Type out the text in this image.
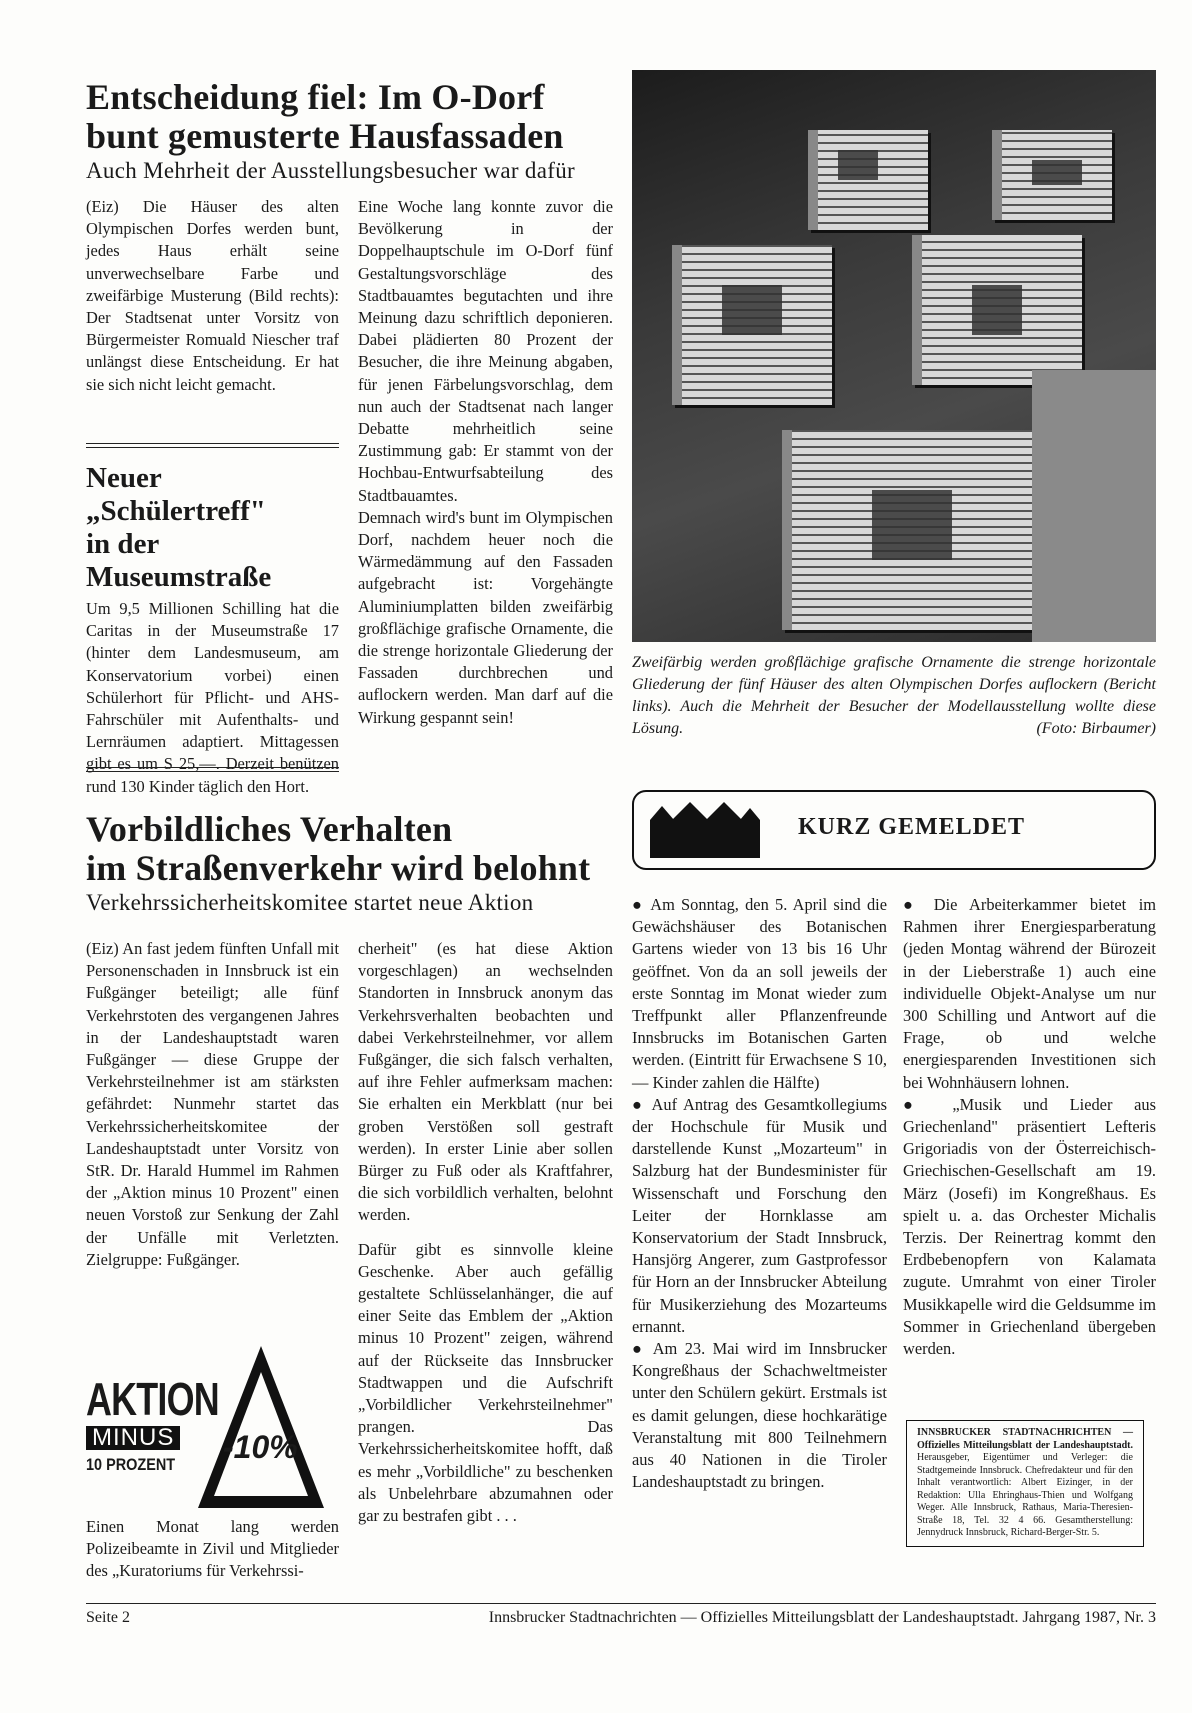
Entscheidung fiel: Im O-Dorf
bunt gemusterte Hausfassaden

Auch Mehrheit der Ausstellungsbesucher war dafür

(Eiz) Die Häuser des alten Olympischen Dorfes werden bunt, jedes Haus erhält seine unverwechselbare Farbe und zweifärbige Musterung (Bild rechts): Der Stadtsenat unter Vorsitz von Bürgermeister Romuald Niescher traf unlängst diese Entscheidung. Er hat sie sich nicht leicht gemacht.

Eine Woche lang konnte zuvor die Bevölkerung in der Doppelhauptschule im O-Dorf fünf Gestaltungsvorschläge des Stadtbauamtes begutachten und ihre Meinung dazu schriftlich deponieren. Dabei plädierten 80 Prozent der Besucher, die ihre Meinung abgaben, für jenen Färbelungsvorschlag, dem nun auch der Stadtsenat nach langer Debatte mehrheitlich seine Zustimmung gab: Er stammt von der Hochbau-Entwurfsabteilung des Stadtbauamtes.

Demnach wird's bunt im Olympischen Dorf, nachdem heuer noch die Wärmedämmung auf den Fassaden aufgebracht ist: Vorgehängte Aluminiumplatten bilden zweifärbig großflächige grafische Ornamente, die die strenge horizontale Gliederung der Fassaden durchbrechen und auflockern werden. Man darf auf die Wirkung gespannt sein!

Neuer „Schülertreff"
in der Museumstraße

Um 9,5 Millionen Schilling hat die Caritas in der Museumstraße 17 (hinter dem Landesmuseum, am Konservatorium vorbei) einen Schülerhort für Pflicht- und AHS-Fahrschüler mit Aufenthalts- und Lernräumen adaptiert. Mittagessen gibt es um S 25,—. Derzeit benützen rund 130 Kinder täglich den Hort.

Zweifärbig werden großflächige grafische Ornamente die strenge horizontale Gliederung der fünf Häuser des alten Olympischen Dorfes auflockern (Bericht links). Auch die Mehrheit der Besucher der Modellausstellung wollte diese Lösung.	(Foto: Birbaumer)

Vorbildliches Verhalten
im Straßenverkehr wird belohnt

Verkehrssicherheitskomitee startet neue Aktion

(Eiz) An fast jedem fünften Unfall mit Personenschaden in Innsbruck ist ein Fußgänger beteiligt; alle fünf Verkehrstoten des vergangenen Jahres in der Landeshauptstadt waren Fußgänger — diese Gruppe der Verkehrsteilnehmer ist am stärksten gefährdet: Nunmehr startet das Verkehrssicherheitskomitee der Landeshauptstadt unter Vorsitz von StR. Dr. Harald Hummel im Rahmen der „Aktion minus 10 Prozent" einen neuen Vorstoß zur Senkung der Zahl der Unfälle mit Verletzten. Zielgruppe: Fußgänger.

AKTION
MINUS
10 PROZENT -10%

Einen Monat lang werden Polizeibeamte in Zivil und Mitglieder des „Kuratoriums für Verkehrssi-

cherheit" (es hat diese Aktion vorgeschlagen) an wechselnden Standorten in Innsbruck anonym das Verkehrsverhalten beobachten und dabei Verkehrsteilnehmer, vor allem Fußgänger, die sich falsch verhalten, auf ihre Fehler aufmerksam machen: Sie erhalten ein Merkblatt (nur bei groben Verstößen soll gestraft werden). In erster Linie aber sollen Bürger zu Fuß oder als Kraftfahrer, die sich vorbildlich verhalten, belohnt werden.

Dafür gibt es sinnvolle kleine Geschenke. Aber auch gefällig gestaltete Schlüsselanhänger, die auf einer Seite das Emblem der „Aktion minus 10 Prozent" zeigen, während auf der Rückseite das Innsbrucker Stadtwappen und die Aufschrift „Vorbildlicher Verkehrsteilnehmer" prangen. Das Verkehrssicherheitskomitee hofft, daß es mehr „Vorbildliche" zu beschenken als Unbelehrbare abzumahnen oder gar zu bestrafen gibt . . .

KURZ GEMELDET

● Am Sonntag, den 5. April sind die Gewächshäuser des Botanischen Gartens wieder von 13 bis 16 Uhr geöffnet. Von da an soll jeweils der erste Sonntag im Monat wieder zum Treffpunkt aller Pflanzenfreunde Innsbrucks im Botanischen Garten werden. (Eintritt für Erwachsene S 10,— Kinder zahlen die Hälfte)

● Auf Antrag des Gesamtkollegiums der Hochschule für Musik und darstellende Kunst „Mozarteum" in Salzburg hat der Bundesminister für Wissenschaft und Forschung den Leiter der Hornklasse am Konservatorium der Stadt Innsbruck, Hansjörg Angerer, zum Gastprofessor für Horn an der Innsbrucker Abteilung für Musikerziehung des Mozarteums ernannt.

● Am 23. Mai wird im Innsbrucker Kongreßhaus der Schachweltmeister unter den Schülern gekürt. Erstmals ist es damit gelungen, diese hochkarätige Veranstaltung mit 800 Teilnehmern aus 40 Nationen in die Tiroler Landeshauptstadt zu bringen.

● Die Arbeiterkammer bietet im Rahmen ihrer Energiesparberatung (jeden Montag während der Bürozeit in der Lieberstraße 1) auch eine individuelle Objekt-Analyse um nur 300 Schilling und Antwort auf die Frage, ob und welche energiesparenden Investitionen sich bei Wohnhäusern lohnen.

● „Musik und Lieder aus Griechenland" präsentiert Lefteris Grigoriadis von der Österreichisch-Griechischen-Gesellschaft am 19. März (Josefi) im Kongreßhaus. Es spielt u. a. das Orchester Michalis Terzis. Der Reinertrag kommt den Erdbebenopfern von Kalamata zugute. Umrahmt von einer Tiroler Musikkapelle wird die Geldsumme im Sommer in Griechenland übergeben werden.

INNSBRUCKER STADTNACHRICHTEN — Offizielles Mitteilungsblatt der Landeshauptstadt. Herausgeber, Eigentümer und Verleger: die Stadtgemeinde Innsbruck. Chefredakteur und für den Inhalt verantwortlich: Albert Eizinger, in der Redaktion: Ulla Ehringhaus-Thien und Wolfgang Weger. Alle Innsbruck, Rathaus, Maria-Theresien-Straße 18, Tel. 32 4 66. Gesamtherstellung: Jennydruck Innsbruck, Richard-Berger-Str. 5.
Seite 2	Innsbrucker Stadtnachrichten — Offizielles Mitteilungsblatt der Landeshauptstadt. Jahrgang 1987, Nr. 3
